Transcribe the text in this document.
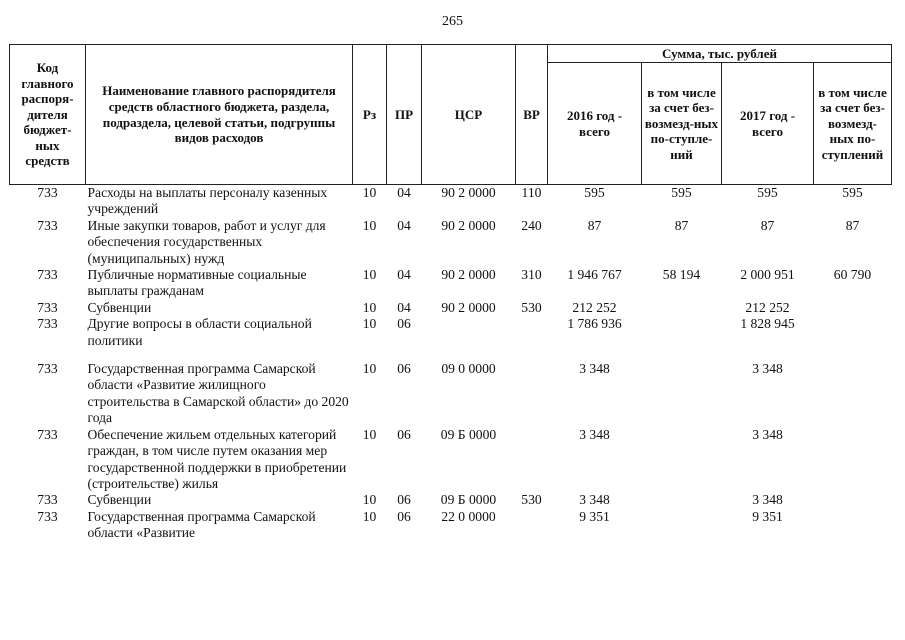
265
Код главного распоря-дителя бюджет-ных средств	Наименование главного распорядителя средств областного бюджета, раздела, подраздела, целевой статьи, подгруппы видов расходов	Рз	ПР	ЦСР	ВР	Сумма, тыс. рублей			
						2016 год - всего	в том числе за счет без-возмезд-ных по-ступле-ний	2017 год - всего	в том числе за счет без-возмезд-ных по-ступлений
733	Расходы на выплаты персоналу казенных учреждений	10	04	90 2 0000	110	595	595	595	595
733	Иные закупки товаров, работ и услуг для обеспечения государственных (муниципальных) нужд	10	04	90 2 0000	240	87	87	87	87
733	Публичные нормативные социальные выплаты гражданам	10	04	90 2 0000	310	1 946 767	58 194	2 000 951	60 790
733	Субвенции	10	04	90 2 0000	530	212 252		212 252	
733	Другие вопросы в области социальной политики	10	06			1 786 936		1 828 945	
733	Государственная программа Самарской области «Развитие жилищного строительства в Самарской области» до 2020 года	10	06	09 0 0000		3 348		3 348	
733	Обеспечение жильем отдельных категорий граждан, в том числе путем оказания мер государственной поддержки в приобретении (строительстве) жилья	10	06	09 Б 0000		3 348		3 348	
733	Субвенции	10	06	09 Б 0000	530	3 348		3 348	
733	Государственная программа Самарской области «Развитие	10	06	22 0 0000		9 351		9 351	
